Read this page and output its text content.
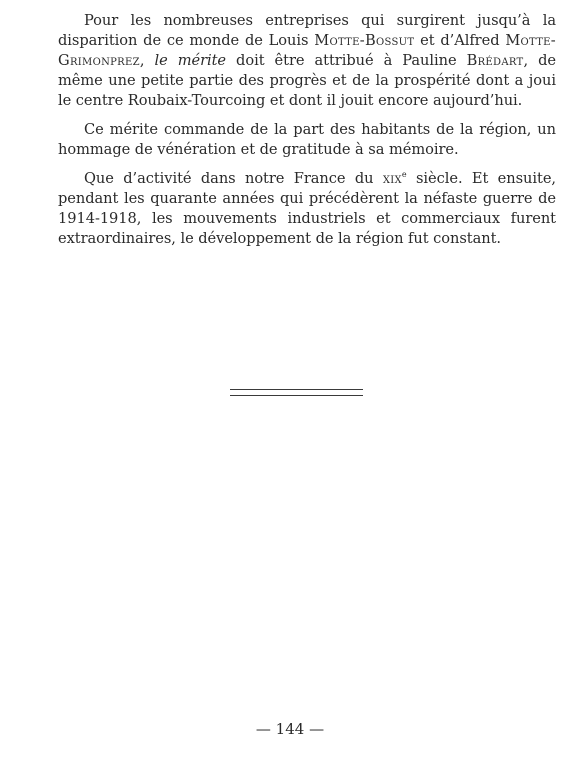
Pour les nombreuses entreprises qui surgirent jusqu’à la disparition de ce monde de Louis Motte-Bossut et d’Alfred Motte-Grimonprez, le mérite doit être attribué à Pauline Brédart, de même une petite partie des progrès et de la prospérité dont a joui le centre Roubaix-Tourcoing et dont il jouit encore aujourd’hui.

Ce mérite commande de la part des habitants de la région, un hommage de vénération et de gratitude à sa mémoire.

Que d’activité dans notre France du xix$^e$ siècle. Et ensuite, pendant les quarante années qui précédèrent la néfaste guerre de 1914-1918, les mouvements industriels et commerciaux furent extraordinaires, le développement de la région fut constant.

— 144 —
